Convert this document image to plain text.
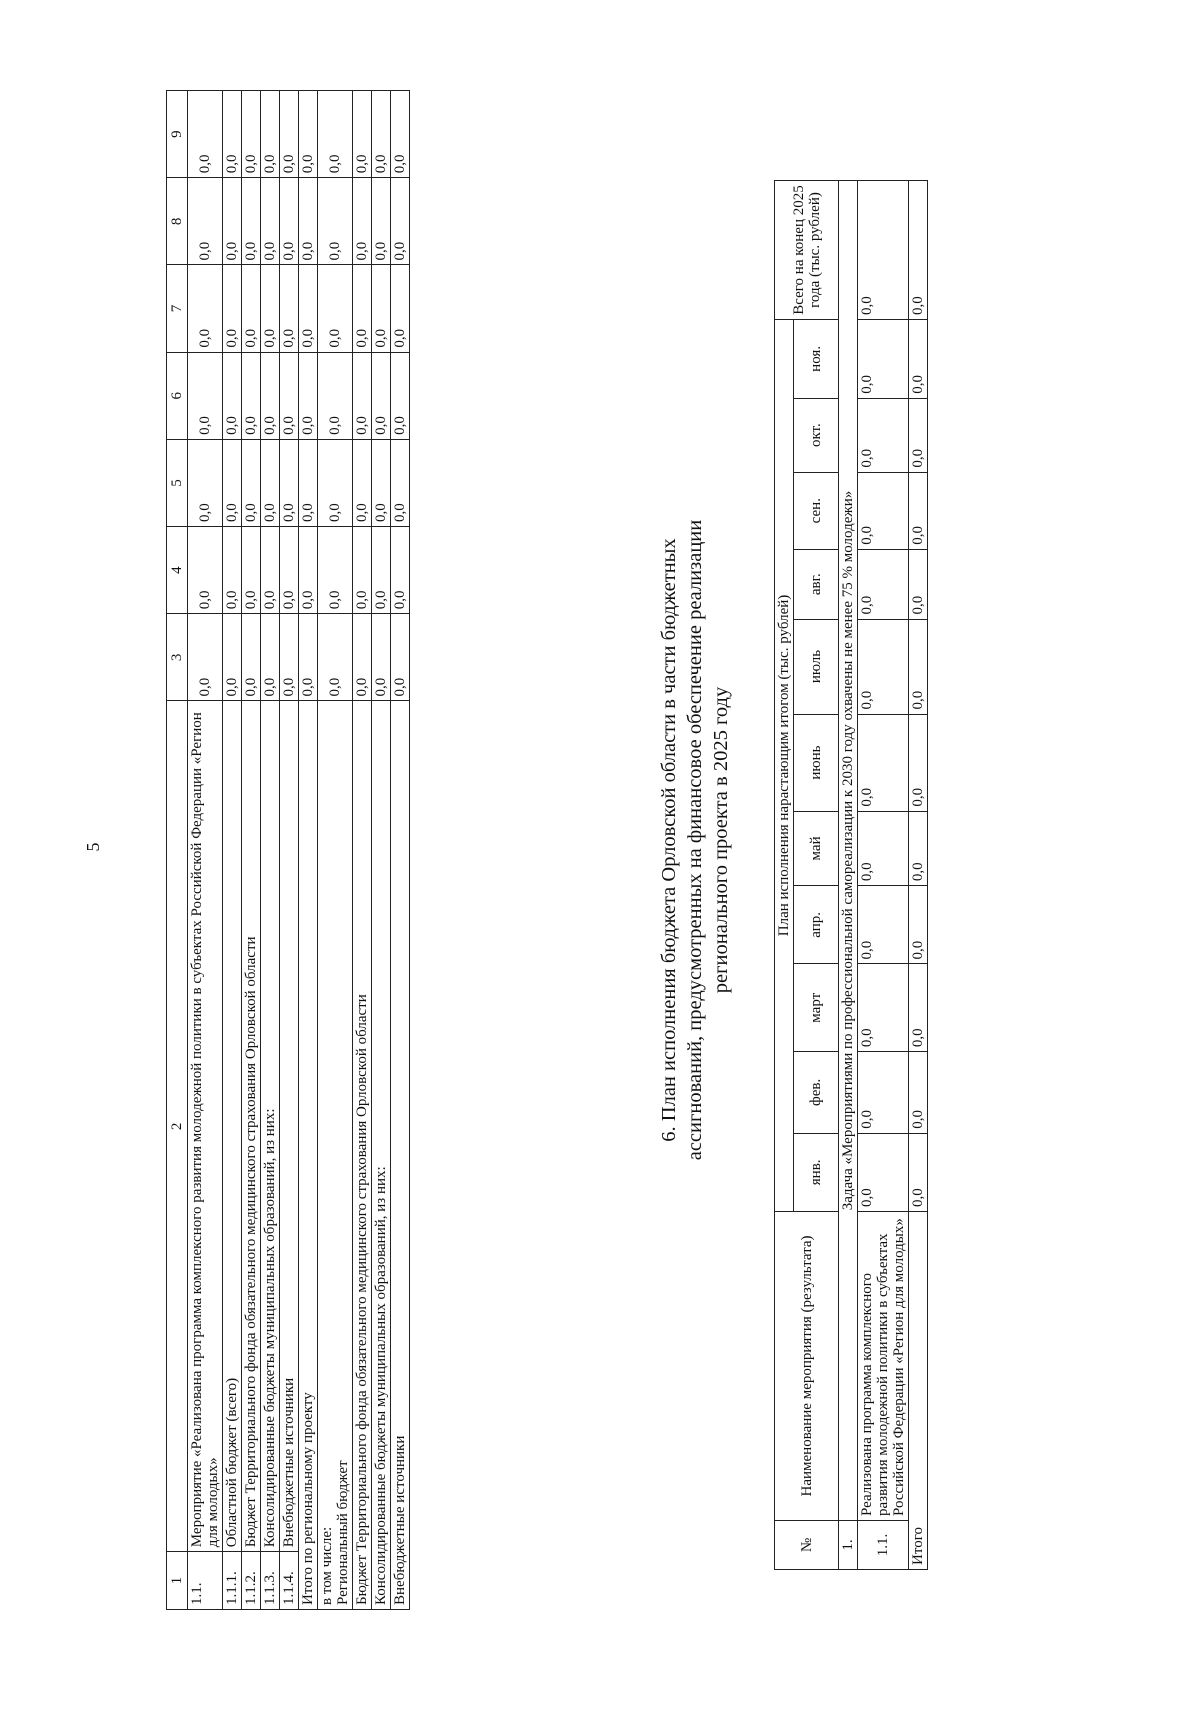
5
1	2	3	4	5	6	7	8	9
1.1.	Мероприятие «Реализована программа комплексного развития молодежной политики в субъектах Российской Федерации «Регион для молодых»	0,0	0,0	0,0	0,0	0,0	0,0	0,0
1.1.1.	Областной бюджет (всего)	0,0	0,0	0,0	0,0	0,0	0,0	0,0
1.1.2.	Бюджет Территориального фонда обязательного медицинского страхования Орловской области	0,0	0,0	0,0	0,0	0,0	0,0	0,0
1.1.3.	Консолидированные бюджеты муниципальных образований, из них:	0,0	0,0	0,0	0,0	0,0	0,0	0,0
1.1.4.	Внебюджетные источники	0,0	0,0	0,0	0,0	0,0	0,0	0,0

Итого по региональному проекту		0,0	0,0	0,0	0,0	0,0	0,0	0,0

в том числе: Региональный бюджет		0,0	0,0	0,0	0,0	0,0	0,0	0,0

Бюджет Территориального фонда обязательного медицинского страхования Орловской области		0,0	0,0	0,0	0,0	0,0	0,0	0,0

Консолидированные бюджеты муниципальных образований, из них:		0,0	0,0	0,0	0,0	0,0	0,0	0,0

Внебюджетные источники		0,0	0,0	0,0	0,0	0,0	0,0	0,0
6. План исполнения бюджета Орловской области в части бюджетных ассигнований, предусмотренных на финансовое обеспечение реализации регионального проекта в 2025 году
№	Наименование мероприятия (результата)	План исполнения нарастающим итогом (тыс. рублей)											Всего на конец 2025 года (тыс. рублей)
		янв.	фев.	март	апр.	май	июнь	июль	авг.	сен.	окт.	ноя.	
1.	Задача «Мероприятиями по профессиональной самореализации к 2030 году охвачены не менее 75 % молодежи»												
1.1.	Реализована программа комплексного развития молодежной политики в субъектах Российской Федерации «Регион для молодых»	0,0	0,0	0,0	0,0	0,0	0,0	0,0	0,0	0,0	0,0	0,0	0,0
Итого		0,0	0,0	0,0	0,0	0,0	0,0	0,0	0,0	0,0	0,0	0,0	0,0
